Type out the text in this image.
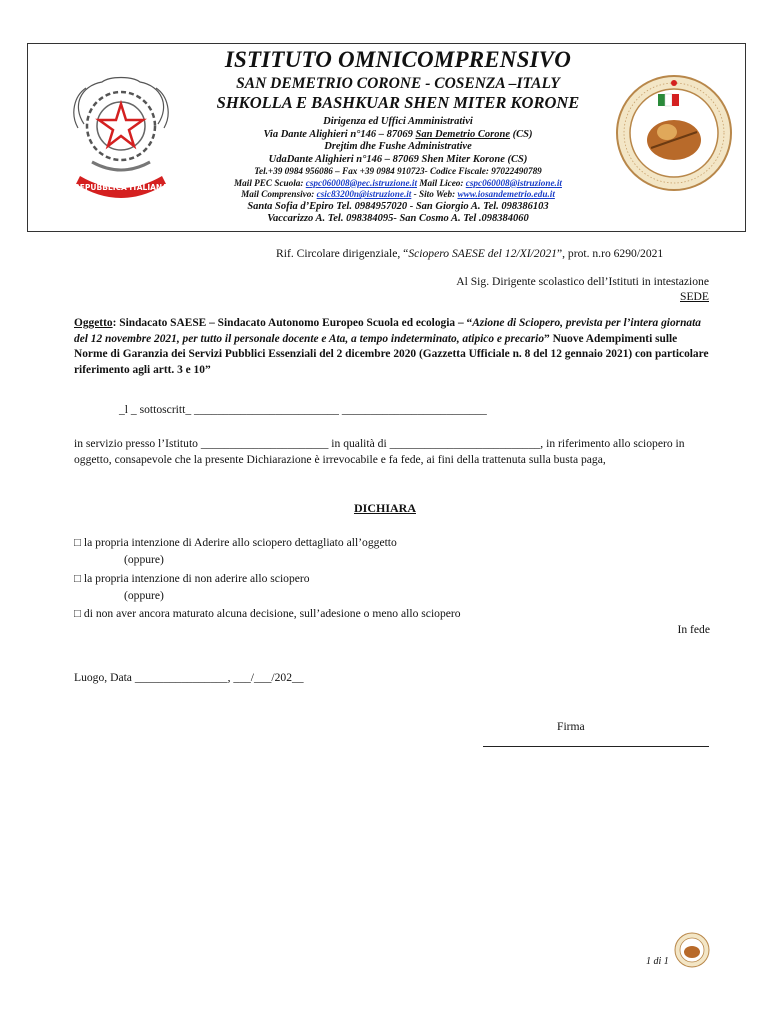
REPUBBLICA ITALIANA
ISTITUTO OMNICOMPRENSIVO
SAN DEMETRIO CORONE - COSENZA –ITALY
SHKOLLA E BASHKUAR SHEN MITER KORONE
Dirigenza ed Uffici Amministrativi
Via Dante Alighieri n°146 – 87069 San Demetrio Corone (CS)
Drejtim dhe Fushe Administrative
UdaDante Alighieri n°146 – 87069 Shen Miter Korone (CS)
Tel.+39 0984 956086 – Fax +39 0984 910723- Codice Fiscale: 97022490789
Mail PEC Scuola: cspc060008@pec.istruzione.it Mail Liceo: cspc060008@istruzione.it
Mail Comprensivo: csic83200n@istruzione.it - Sito Web: www.iosandemetrio.edu.it
Santa Sofia d’Epiro Tel. 0984957020 - San Giorgio A. Tel. 098386103
Vaccarizzo A. Tel. 098384095- San Cosmo A. Tel .098384060
Rif. Circolare dirigenziale, “Sciopero SAESE del 12/XI/2021”, prot. n.ro 6290/2021
Al Sig. Dirigente scolastico dell’Istituti in intestazione
SEDE
Oggetto: Sindacato SAESE – Sindacato Autonomo Europeo Scuola ed ecologia – “Azione di Sciopero, prevista per l’intera giornata del 12 novembre 2021, per tutto il personale docente e Ata, a tempo indeterminato, atipico e precario” Nuove Adempimenti sulle Norme di Garanzia dei Servizi Pubblici Essenziali del 2 dicembre 2020 (Gazzetta Ufficiale n. 8 del 12 gennaio 2021) con particolare riferimento agli artt. 3 e 10”
_l _ sottoscritt_ _________________________ _________________________
in servizio presso l’Istituto ______________________ in qualità di __________________________, in riferimento allo sciopero in oggetto, consapevole che la presente Dichiarazione è irrevocabile e fa fede, ai fini della trattenuta sulla busta paga,
DICHIARA
□ la propria intenzione di Aderire allo sciopero dettagliato all’oggetto
(oppure)
□ la propria intenzione di non aderire allo sciopero
(oppure)
□ di non aver ancora maturato alcuna decisione, sull’adesione o meno allo sciopero
In fede
Luogo, Data ________________, ___/___/202__
Firma
1 di 1
